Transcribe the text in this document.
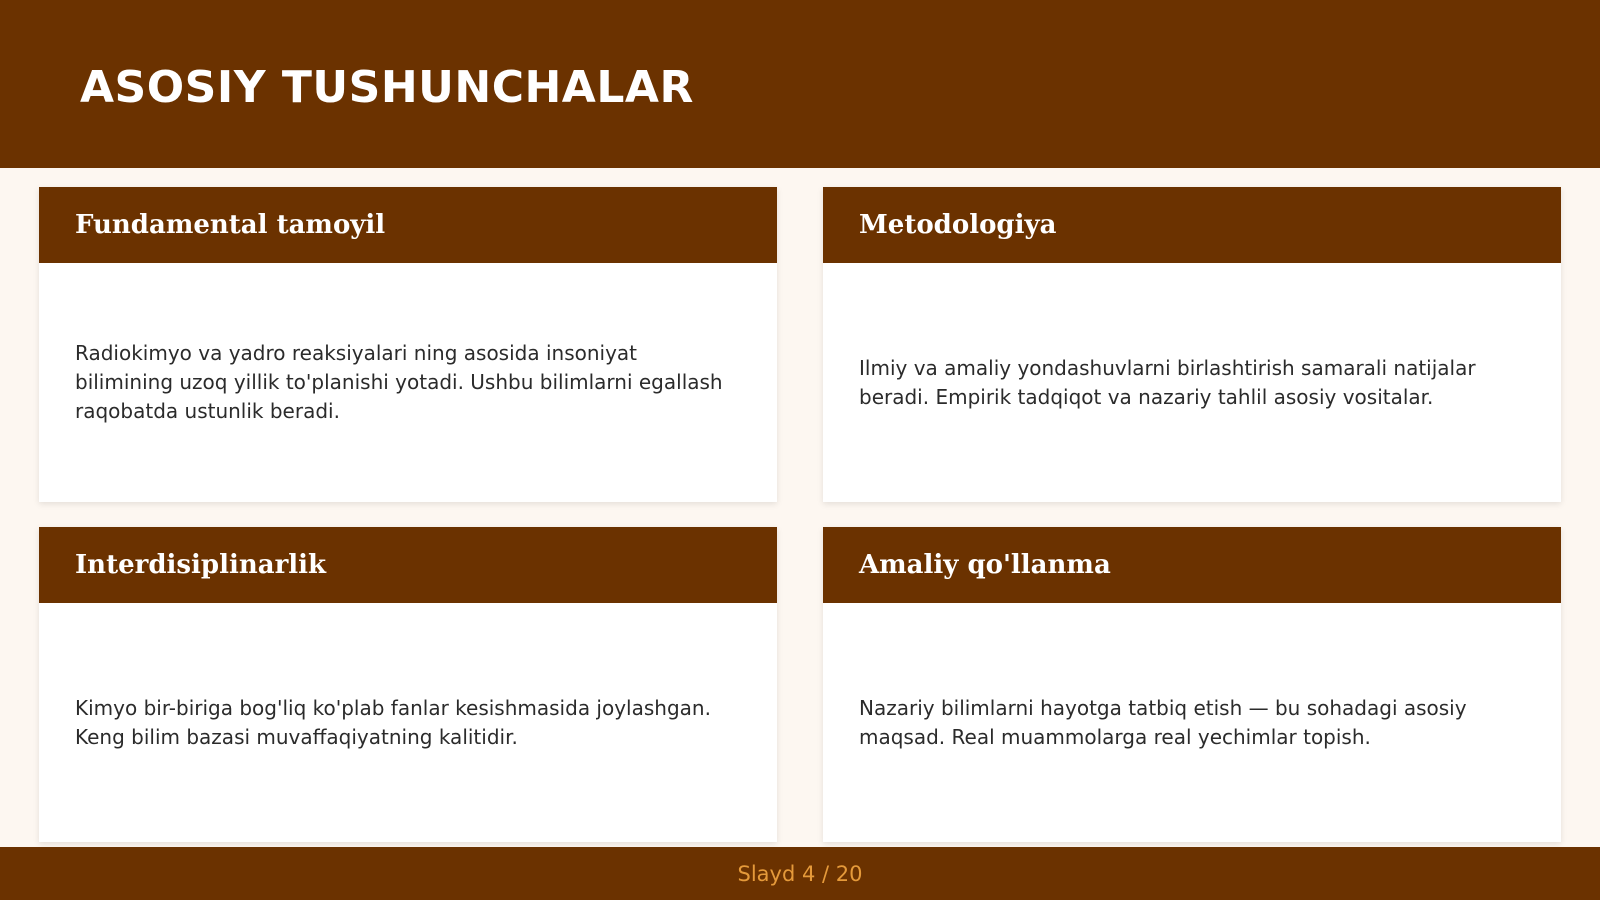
ASOSIY TUSHUNCHALAR
Fundamental tamoyil

Radiokimyo va yadro reaksiyalari ning asosida insoniyat bilimining uzoq yillik to'planishi yotadi. Ushbu bilimlarni egallash raqobatda ustunlik beradi.

Metodologiya

Ilmiy va amaliy yondashuvlarni birlashtirish samarali natijalar beradi. Empirik tadqiqot va nazariy tahlil asosiy vositalar.

Interdisiplinarlik

Kimyo bir-biriga bog'liq ko'plab fanlar kesishmasida joylashgan. Keng bilim bazasi muvaffaqiyatning kalitidir.

Amaliy qo'llanma

Nazariy bilimlarni hayotga tatbiq etish — bu sohadagi asosiy maqsad. Real muammolarga real yechimlar topish.

Slayd 4 / 20
